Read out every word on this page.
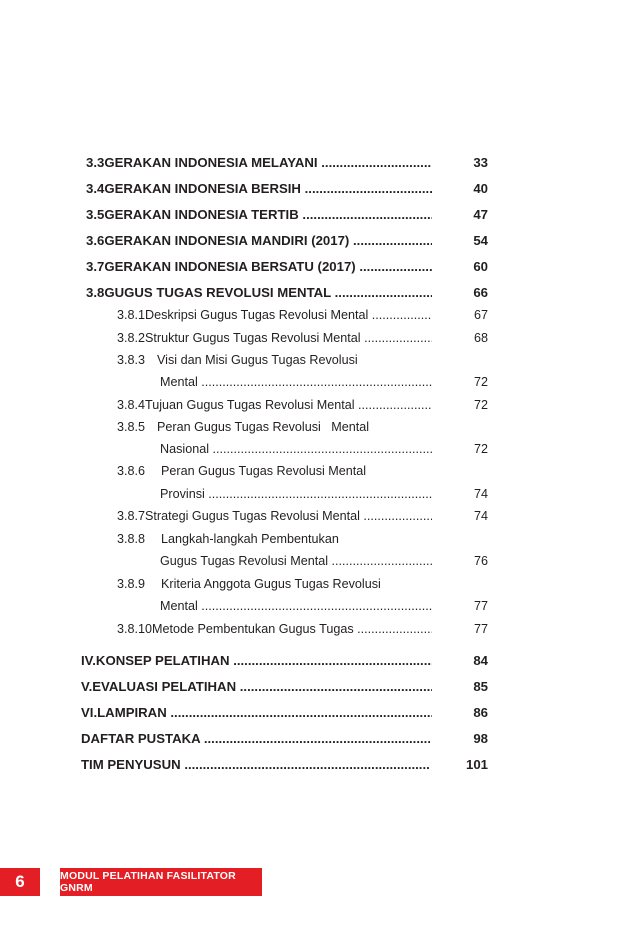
3.3 GERAKAN INDONESIA MELAYANI .....	33
3.4 GERAKAN INDONESIA BERSIH .....	40
3.5 GERAKAN INDONESIA TERTIB .....	47
3.6 GERAKAN INDONESIA MANDIRI (2017) .....	54
3.7 GERAKAN INDONESIA BERSATU (2017) .....	60
3.8 GUGUS TUGAS REVOLUSI MENTAL .....	66
3.8.1 Deskripsi Gugus Tugas Revolusi Mental .....	67
3.8.2 Struktur Gugus Tugas Revolusi Mental .....	68
3.8.3 Visi dan Misi Gugus Tugas Revolusi
Mental .....	72
3.8.4 Tujuan Gugus Tugas Revolusi Mental .....	72
3.8.5 Peran Gugus Tugas Revolusi   Mental
Nasional .....	72
3.8.6 Peran Gugus Tugas Revolusi Mental
Provinsi .....	74
3.8.7 Strategi Gugus Tugas Revolusi Mental .....	74
3.8.8 Langkah-langkah Pembentukan
Gugus Tugas Revolusi Mental .....	76
3.8.9 Kriteria Anggota Gugus Tugas Revolusi
Mental .....	77
3.8.10 Metode Pembentukan Gugus Tugas .....	77
IV. KONSEP PELATIHAN .....	84
V. EVALUASI PELATIHAN .....	85
VI. LAMPIRAN .....	86
DAFTAR PUSTAKA .....	98
TIM PENYUSUN .....	101
6	MODUL PELATIHAN FASILITATOR GNRM
